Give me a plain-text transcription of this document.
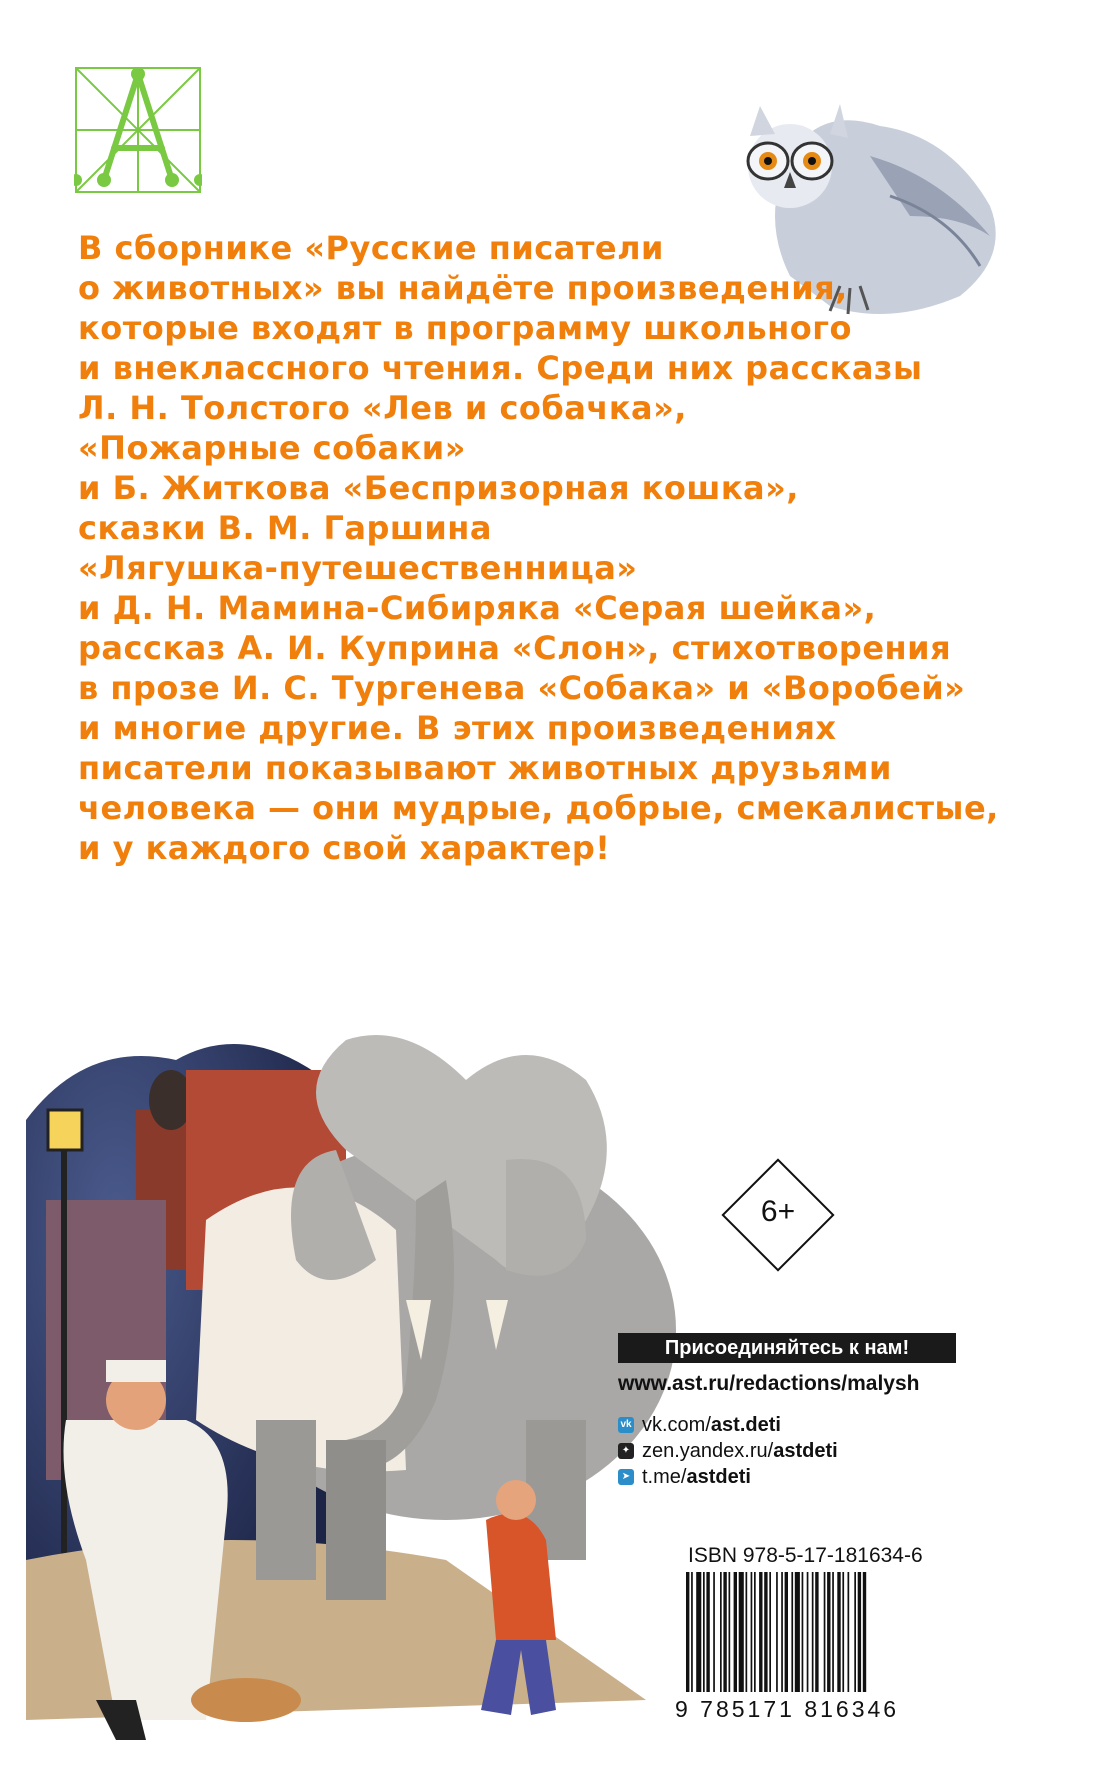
В сборнике «Русские писатели
о животных» вы найдёте произведения,
которые входят в программу школьного
и внеклассного чтения. Среди них рассказы
Л. Н. Толстого «Лев и собачка»,
«Пожарные собаки»
и Б. Житкова «Беспризорная кошка»,
сказки В. М. Гаршина
«Лягушка-путешественница»
и Д. Н. Мамина-Сибиряка «Серая шейка»,
рассказ А. И. Куприна «Слон», стихотворения
в прозе И. С. Тургенева «Собака» и «Воробей»
и многие другие. В этих произведениях
писатели показывают животных друзьями
человека — они мудрые, добрые, смекалистые,
и у каждого свой характер!
6+
Присоединяйтесь к нам!
www.ast.ru/redactions/malysh
vk vk.com/ ast.deti
✦ zen.yandex.ru/ astdeti
➤ t.me/ astdeti
ISBN 978-5-17-181634-6
9 785171 816346
